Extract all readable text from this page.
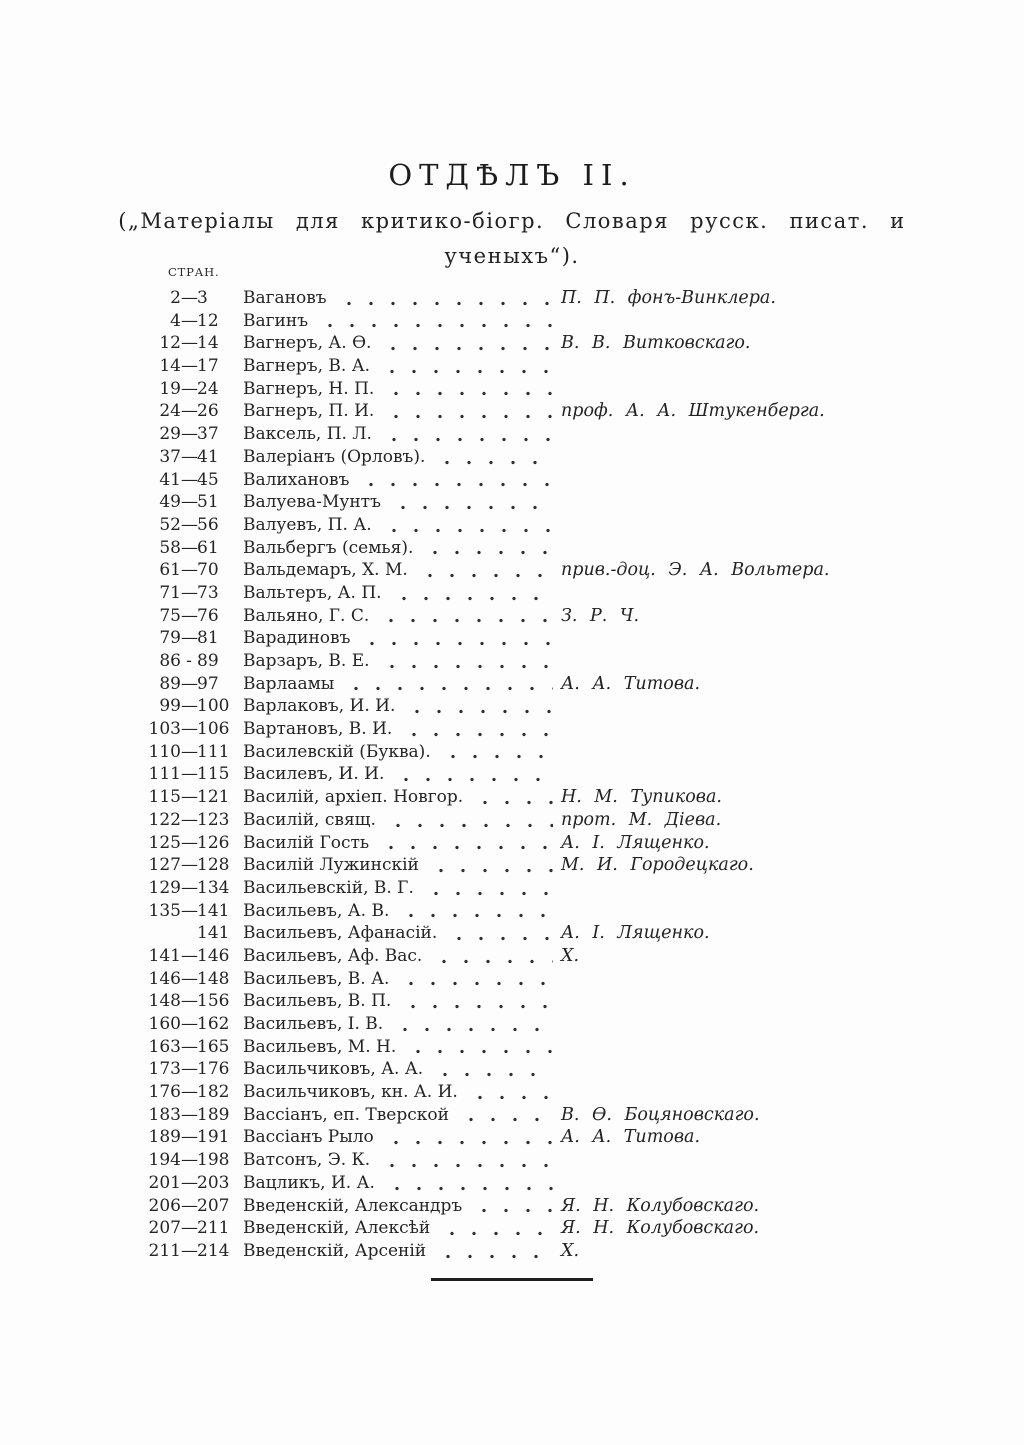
ОТДѢЛЪ II.

(„Матеріалы для критико-біогр. Словаря русск. писат. и
ученыхъ“).

СТРАН.
2 — 3	Вагановъ	П. П. фонъ-Винклера.
4 — 12	Вагинъ
12 — 14	Вагнеръ, А. Ѳ.	В. В. Витковскаго.
14 — 17	Вагнеръ, В. А.
19 — 24	Вагнеръ, Н. П.
24 — 26	Вагнеръ, П. И.	проф. А. А. Штукенберга.
29 — 37	Ваксель, П. Л.
37 — 41	Валеріанъ (Орловъ).
41 — 45	Валихановъ
49 — 51	Валуева-Мунтъ
52 — 56	Валуевъ, П. А.
58 — 61	Вальбергъ (семья).
61 — 70	Вальдемаръ, Х. М.	прив.-доц. Э. А. Вольтера.
71 — 73	Вальтеръ, А. П.
75 — 76	Вальяно, Г. С.	З. Р. Ч.
79 — 81	Варадиновъ
86 - 89	Варзаръ, В. Е.
89 — 97	Варлаамы	А. А. Титова.
99 — 100 Варлаковъ, И. И.
103 — 106 Вартановъ, В. И.
110 — 111 Василевскій (Буква).
111 — 115 Василевъ, И. И.
115 — 121 Василій, архіеп. Новгор.	Н. М. Тупикова.
122 — 123 Василій, свящ.	прот. М. Діева.
125 — 126 Василій Гость	А. І. Лященко.
127 — 128 Василій Лужинскій	М. И. Городецкаго.
129 — 134 Васильевскій, В. Г.
135 — 141 Васильевъ, А. В.
141 Васильевъ, Афанасій.	А. І. Лященко.
141 — 146 Васильевъ, Аф. Вас.	Х.
146 — 148 Васильевъ, В. А.
148 — 156 Васильевъ, В. П.
160 — 162 Васильевъ, І. В.
163 — 165 Васильевъ, М. Н.
173 — 176 Васильчиковъ, А. А.
176 — 182 Васильчиковъ, кн. А. И.
183 — 189 Вассіанъ, еп. Тверской	В. Ѳ. Боцяновскаго.
189 — 191 Вассіанъ Рыло	А. А. Титова.
194 — 198 Ватсонъ, Э. К.
201 — 203 Вацликъ, И. А.
206 — 207 Введенскій, Александръ	Я. Н. Колубовскаго.
207 — 211 Введенскій, Алексѣй	Я. Н. Колубовскаго.
211 — 214 Введенскій, Арсеній	Х.
